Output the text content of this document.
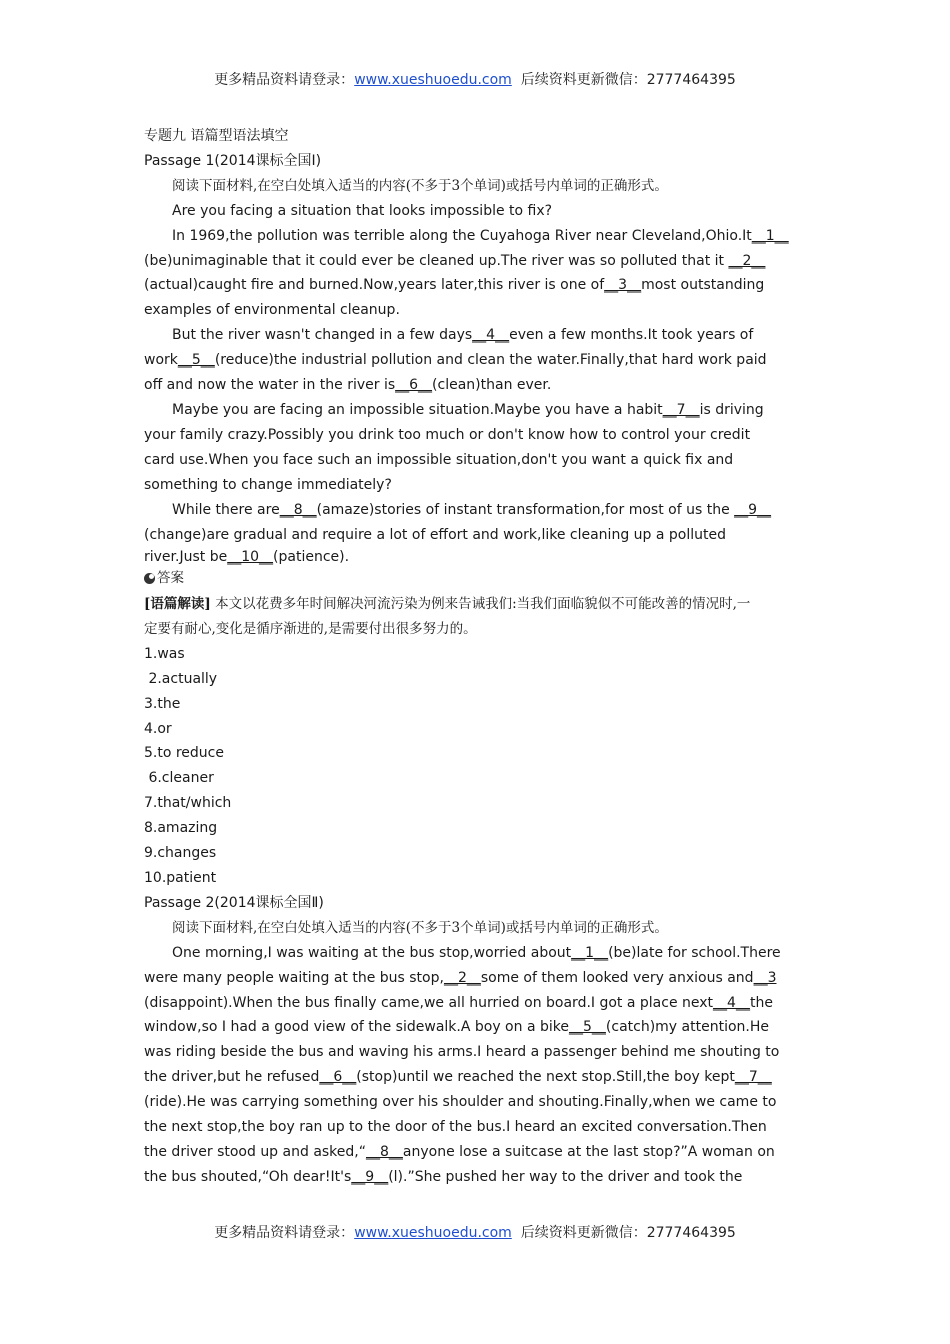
更多精品资料请登录：www.xueshuoedu.com  后续资料更新微信：2777464395
专题九 语篇型语法填空
Passage 1(2014课标全国Ⅰ)
阅读下面材料,在空白处填入适当的内容(不多于3个单词)或括号内单词的正确形式。
Are you facing a situation that looks impossible to fix?
In 1969,the pollution was terrible along the Cuyahoga River near Cleveland,Ohio.It__1__
(be)unimaginable that it could ever be cleaned up.The river was so polluted that it __2__
(actual)caught fire and burned.Now,years later,this river is one of__3__most outstanding
examples of environmental cleanup.
But the river wasn't changed in a few days__4__even a few months.It took years of
work__5__(reduce)the industrial pollution and clean the water.Finally,that hard work paid
off and now the water in the river is__6__(clean)than ever.
Maybe you are facing an impossible situation.Maybe you have a habit__7__is driving
your family crazy.Possibly you drink too much or don't know how to control your credit
card use.When you face such an impossible situation,don't you want a quick fix and
something to change immediately?
While there are__8__(amaze)stories of instant transformation,for most of us the __9__
(change)are gradual and require a lot of effort and work,like cleaning up a polluted
river.Just be__10__(patience).
答案
[语篇解读] 本文以花费多年时间解决河流污染为例来告诫我们:当我们面临貌似不可能改善的情况时,一
定要有耐心,变化是循序渐进的,是需要付出很多努力的。
1.was
2.actually
3.the
4.or
5.to reduce
6.cleaner
7.that/which
8.amazing
9.changes
10.patient
Passage 2(2014课标全国Ⅱ)
阅读下面材料,在空白处填入适当的内容(不多于3个单词)或括号内单词的正确形式。
One morning,I was waiting at the bus stop,worried about__1__(be)late for school.There
were many people waiting at the bus stop,__2__some of them looked very anxious and__3
(disappoint).When the bus finally came,we all hurried on board.I got a place next__4__the
window,so I had a good view of the sidewalk.A boy on a bike__5__(catch)my attention.He
was riding beside the bus and waving his arms.I heard a passenger behind me shouting to
the driver,but he refused__6__(stop)until we reached the next stop.Still,the boy kept__7__
(ride).He was carrying something over his shoulder and shouting.Finally,when we came to
the next stop,the boy ran up to the door of the bus.I heard an excited conversation.Then
the driver stood up and asked,“__8__anyone lose a suitcase at the last stop?”A woman on
the bus shouted,“Oh dear!It's__9__(l).”She pushed her way to the driver and took the
更多精品资料请登录：www.xueshuoedu.com  后续资料更新微信：2777464395
